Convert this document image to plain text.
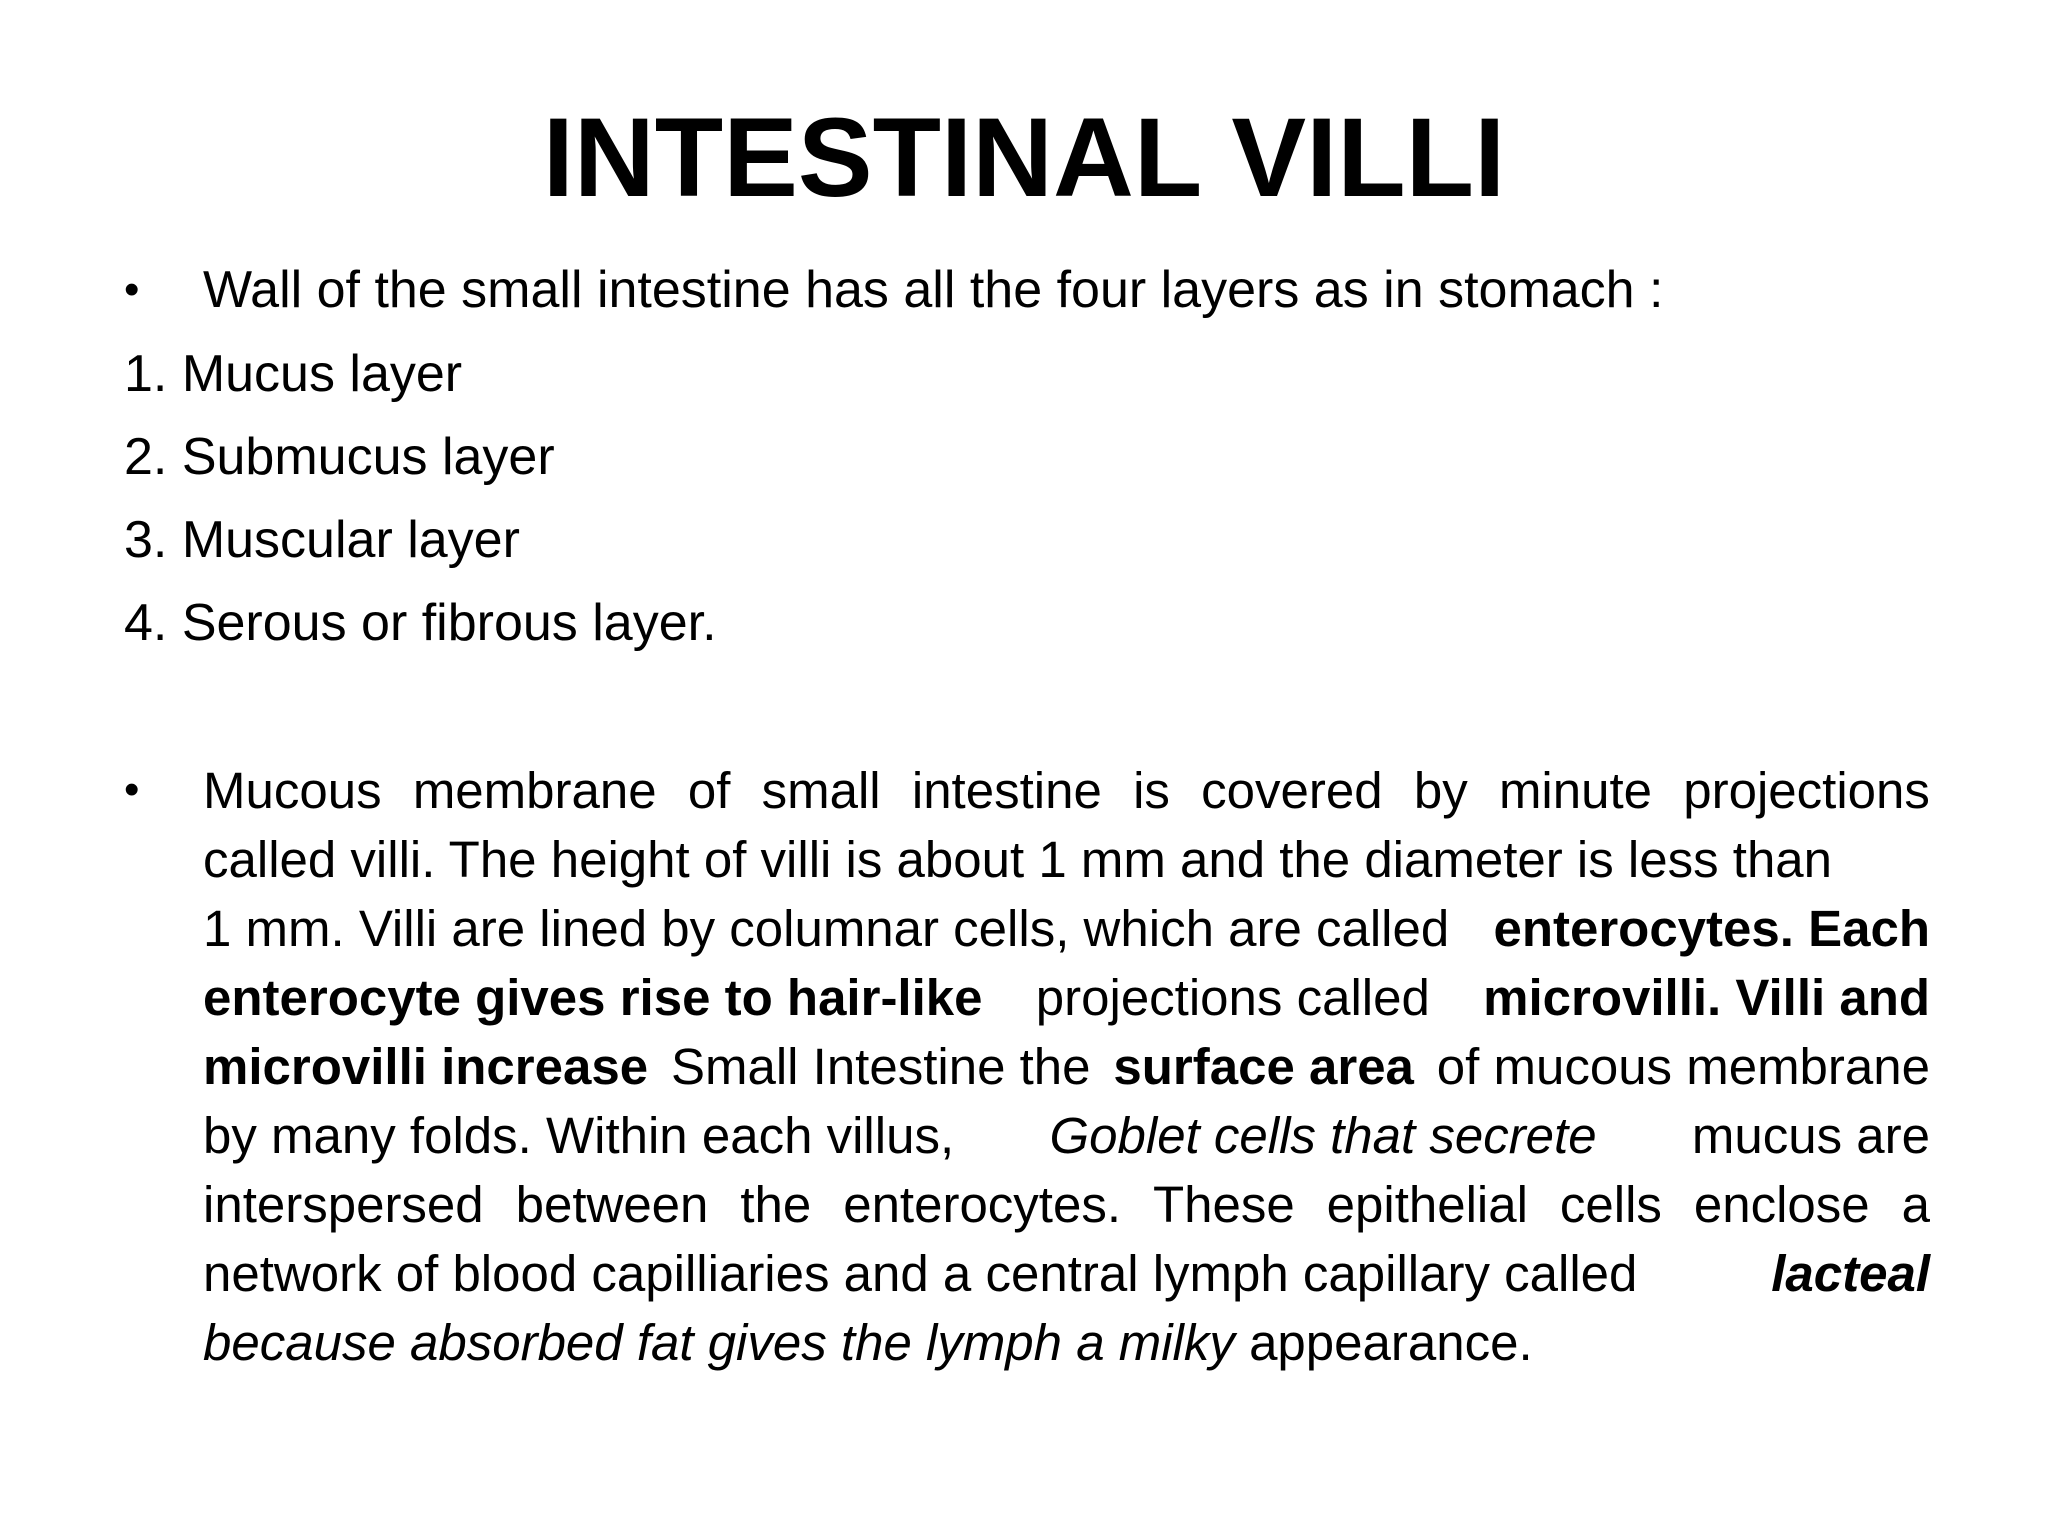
INTESTINAL VILLI
• Wall of the small intestine has all the four layers as in stomach :
1. Mucus layer
2. Submucus layer
3. Muscular layer
4. Serous or fibrous layer.
• Mucous membrane of small intestine is covered by minute projections
called villi. The height of villi is about 1 mm and the diameter is less than
1 mm. Villi are lined by columnar cells, which are called enterocytes. Each
enterocyte gives rise to hair-like projections called microvilli. Villi and
microvilli increase Small Intestine the surface area of mucous membrane
by many folds. Within each villus, Goblet cells that secrete mucus are
interspersed between the enterocytes. These epithelial cells enclose a
network of blood capilliaries and a central lymph capillary called	lacteal
because absorbed fat gives the lymph a milky appearance.
